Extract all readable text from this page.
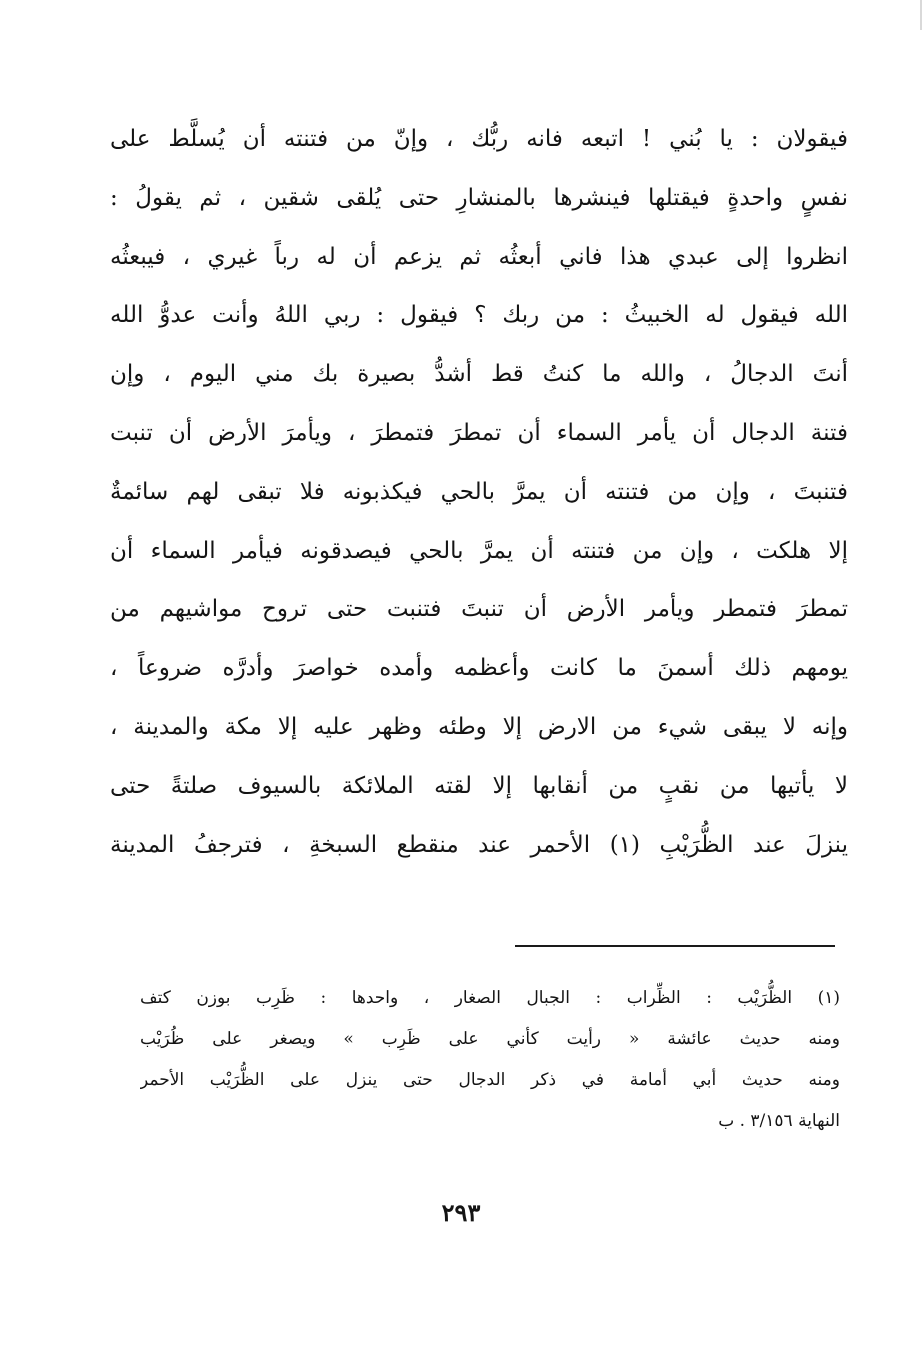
فيقولان : يا بُني ! اتبعه فانه ربُّك ، وإنّ من فتنته أن يُسلَّط على
نفسٍ واحدةٍ فيقتلها فينشرها بالمنشارِ حتى يُلقى شقين ، ثم يقولُ :
انظروا إلى عبدي هذا فاني أبعثُه ثم يزعم أن له رباً غيري ، فيبعثُه
الله فيقول له الخبيثُ : من ربك ؟ فيقول : ربي اللهُ وأنت عدوُّ الله
أنتَ الدجالُ ، والله ما كنتُ قط أشدُّ بصيرة بك مني اليوم ، وإن
فتنة الدجال أن يأمر السماء أن تمطرَ فتمطرَ ، ويأمرَ الأرض أن تنبت
فتنبتَ ، وإن من فتنته أن يمرَّ بالحي فيكذبونه فلا تبقى لهم سائمةٌ
إلا هلكت ، وإن من فتنته أن يمرَّ بالحي فيصدقونه فيأمر السماء أن
تمطرَ فتمطر ويأمر الأرض أن تنبتَ فتنبت حتى تروح مواشيهم من
يومهم ذلك أسمنَ ما كانت وأعظمه وأمده خواصرَ وأدرَّه ضروعاً ،
وإنه لا يبقى شيء من الارض إلا وطئه وظهر عليه إلا مكة والمدينة ،
لا يأتيها من نقبٍ من أنقابها إلا لقته الملائكة بالسيوف صلتةً حتى
ينزلَ عند الظُّرَيْبِ (١) الأحمر عند منقطع السبخةِ ، فترجفُ المدينة
(١) الظُّرَيْب : الظِّراب : الجبال الصغار ، واحدها : ظَرِب بوزن كتف
ومنه حديث عائشة « رأيت كأني على ظَرِب » ويصغر على ظُرَيْب
ومنه حديث أبي أمامة في ذكر الدجال حتى ينزل على الظُّرَيْب الأحمر
النهاية ٣/١٥٦ . ب
٢٩٣
